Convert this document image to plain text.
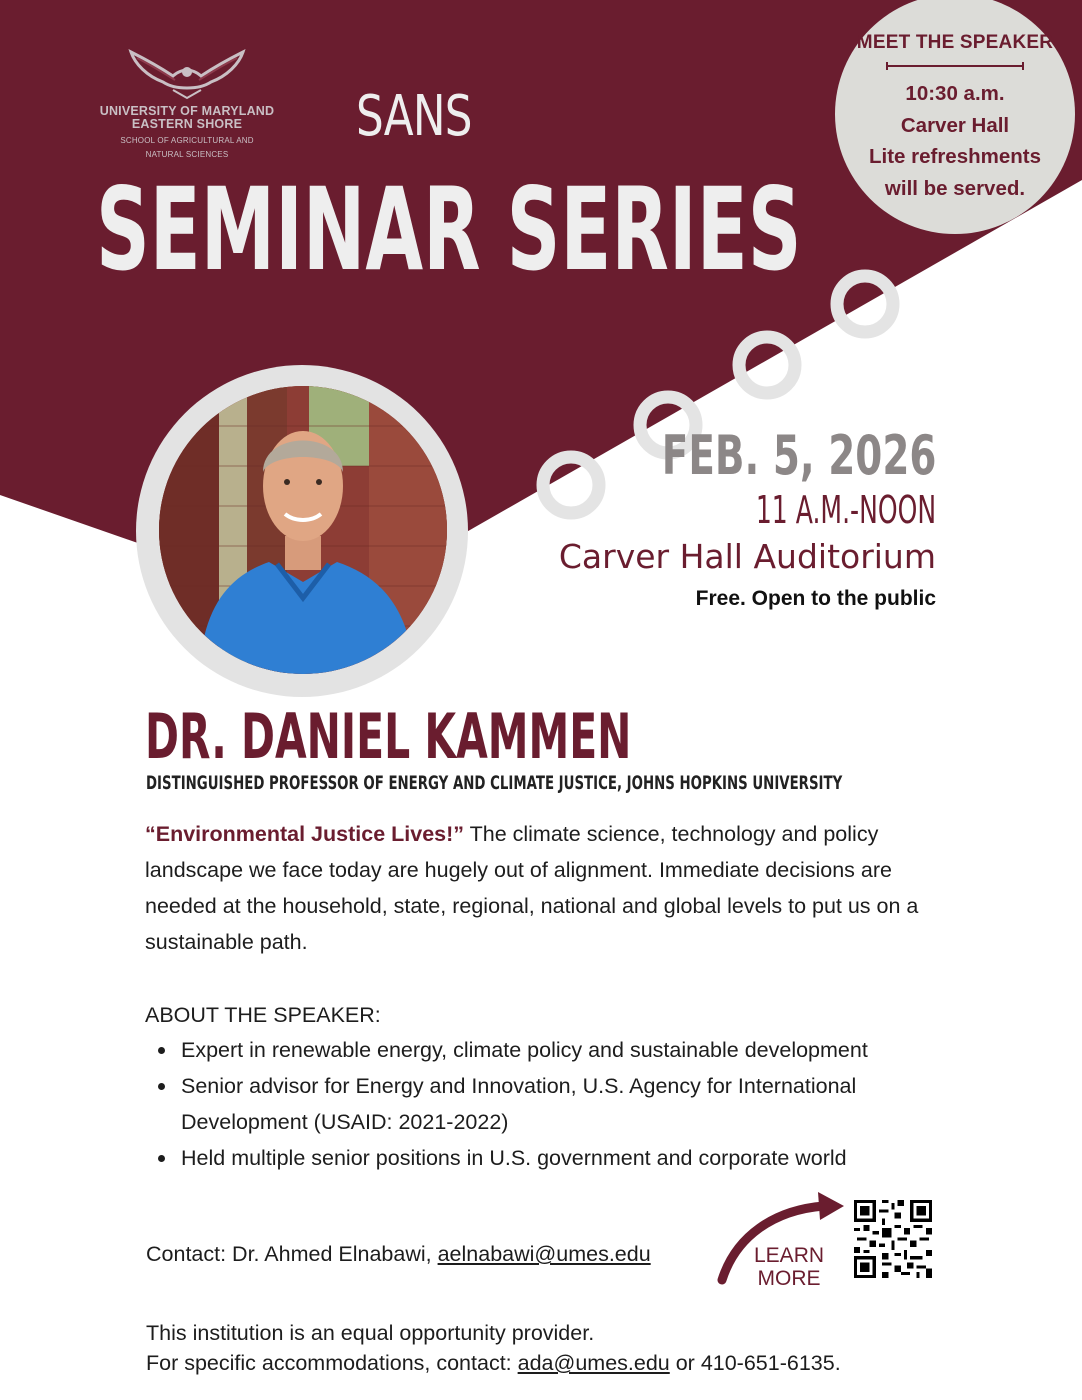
UNIVERSITY OF MARYLAND
EASTERN SHORE
SCHOOL OF AGRICULTURAL AND
NATURAL SCIENCES
SANS
SEMINAR SERIES
MEET THE SPEAKER
10:30 a.m.
Carver Hall
Lite refreshments
will be served.
FEB. 5, 2026
11 A.M.-NOON
Carver Hall Auditorium
Free. Open to the public
DR. DANIEL KAMMEN
DISTINGUISHED PROFESSOR OF ENERGY AND CLIMATE JUSTICE, JOHNS HOPKINS UNIVERSITY
“Environmental Justice Lives!” The climate science, technology and policy landscape we face today are hugely out of alignment. Immediate decisions are needed at the household, state, regional, national and global levels to put us on a sustainable path.
ABOUT THE SPEAKER:
Expert in renewable energy, climate policy and sustainable development
Senior advisor for Energy and Innovation, U.S. Agency for International Development (USAID: 2021-2022)
Held multiple senior positions in U.S. government and corporate world
Contact: Dr. Ahmed Elnabawi, aelnabawi@umes.edu	LEARN
MORE
This institution is an equal opportunity provider.
For specific accommodations, contact: ada@umes.edu or 410-651-6135.
